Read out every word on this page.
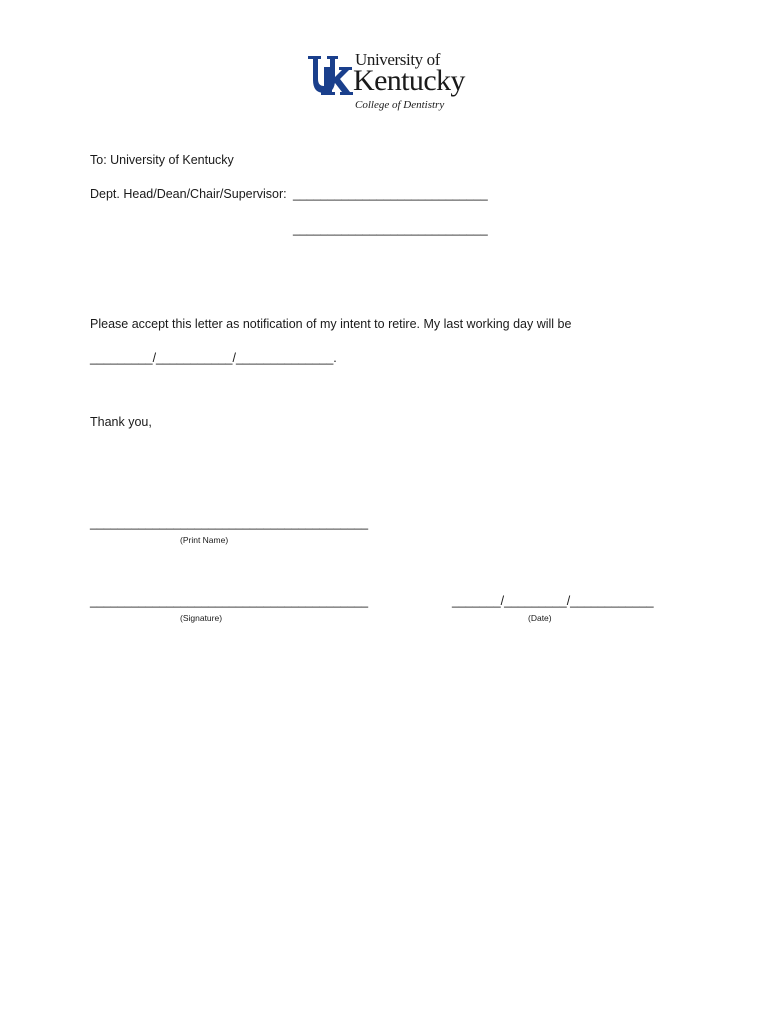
University of
Kentucky
College of Dentistry
To: University of Kentucky
Dept. Head/Dean/Chair/Supervisor: ____________________________
____________________________
Please accept this letter as notification of my intent to retire. My last working day will be
_________/___________/______________.
Thank you,
________________________________________
(Print Name)
________________________________________
(Signature)
_______/_________/____________
(Date)
